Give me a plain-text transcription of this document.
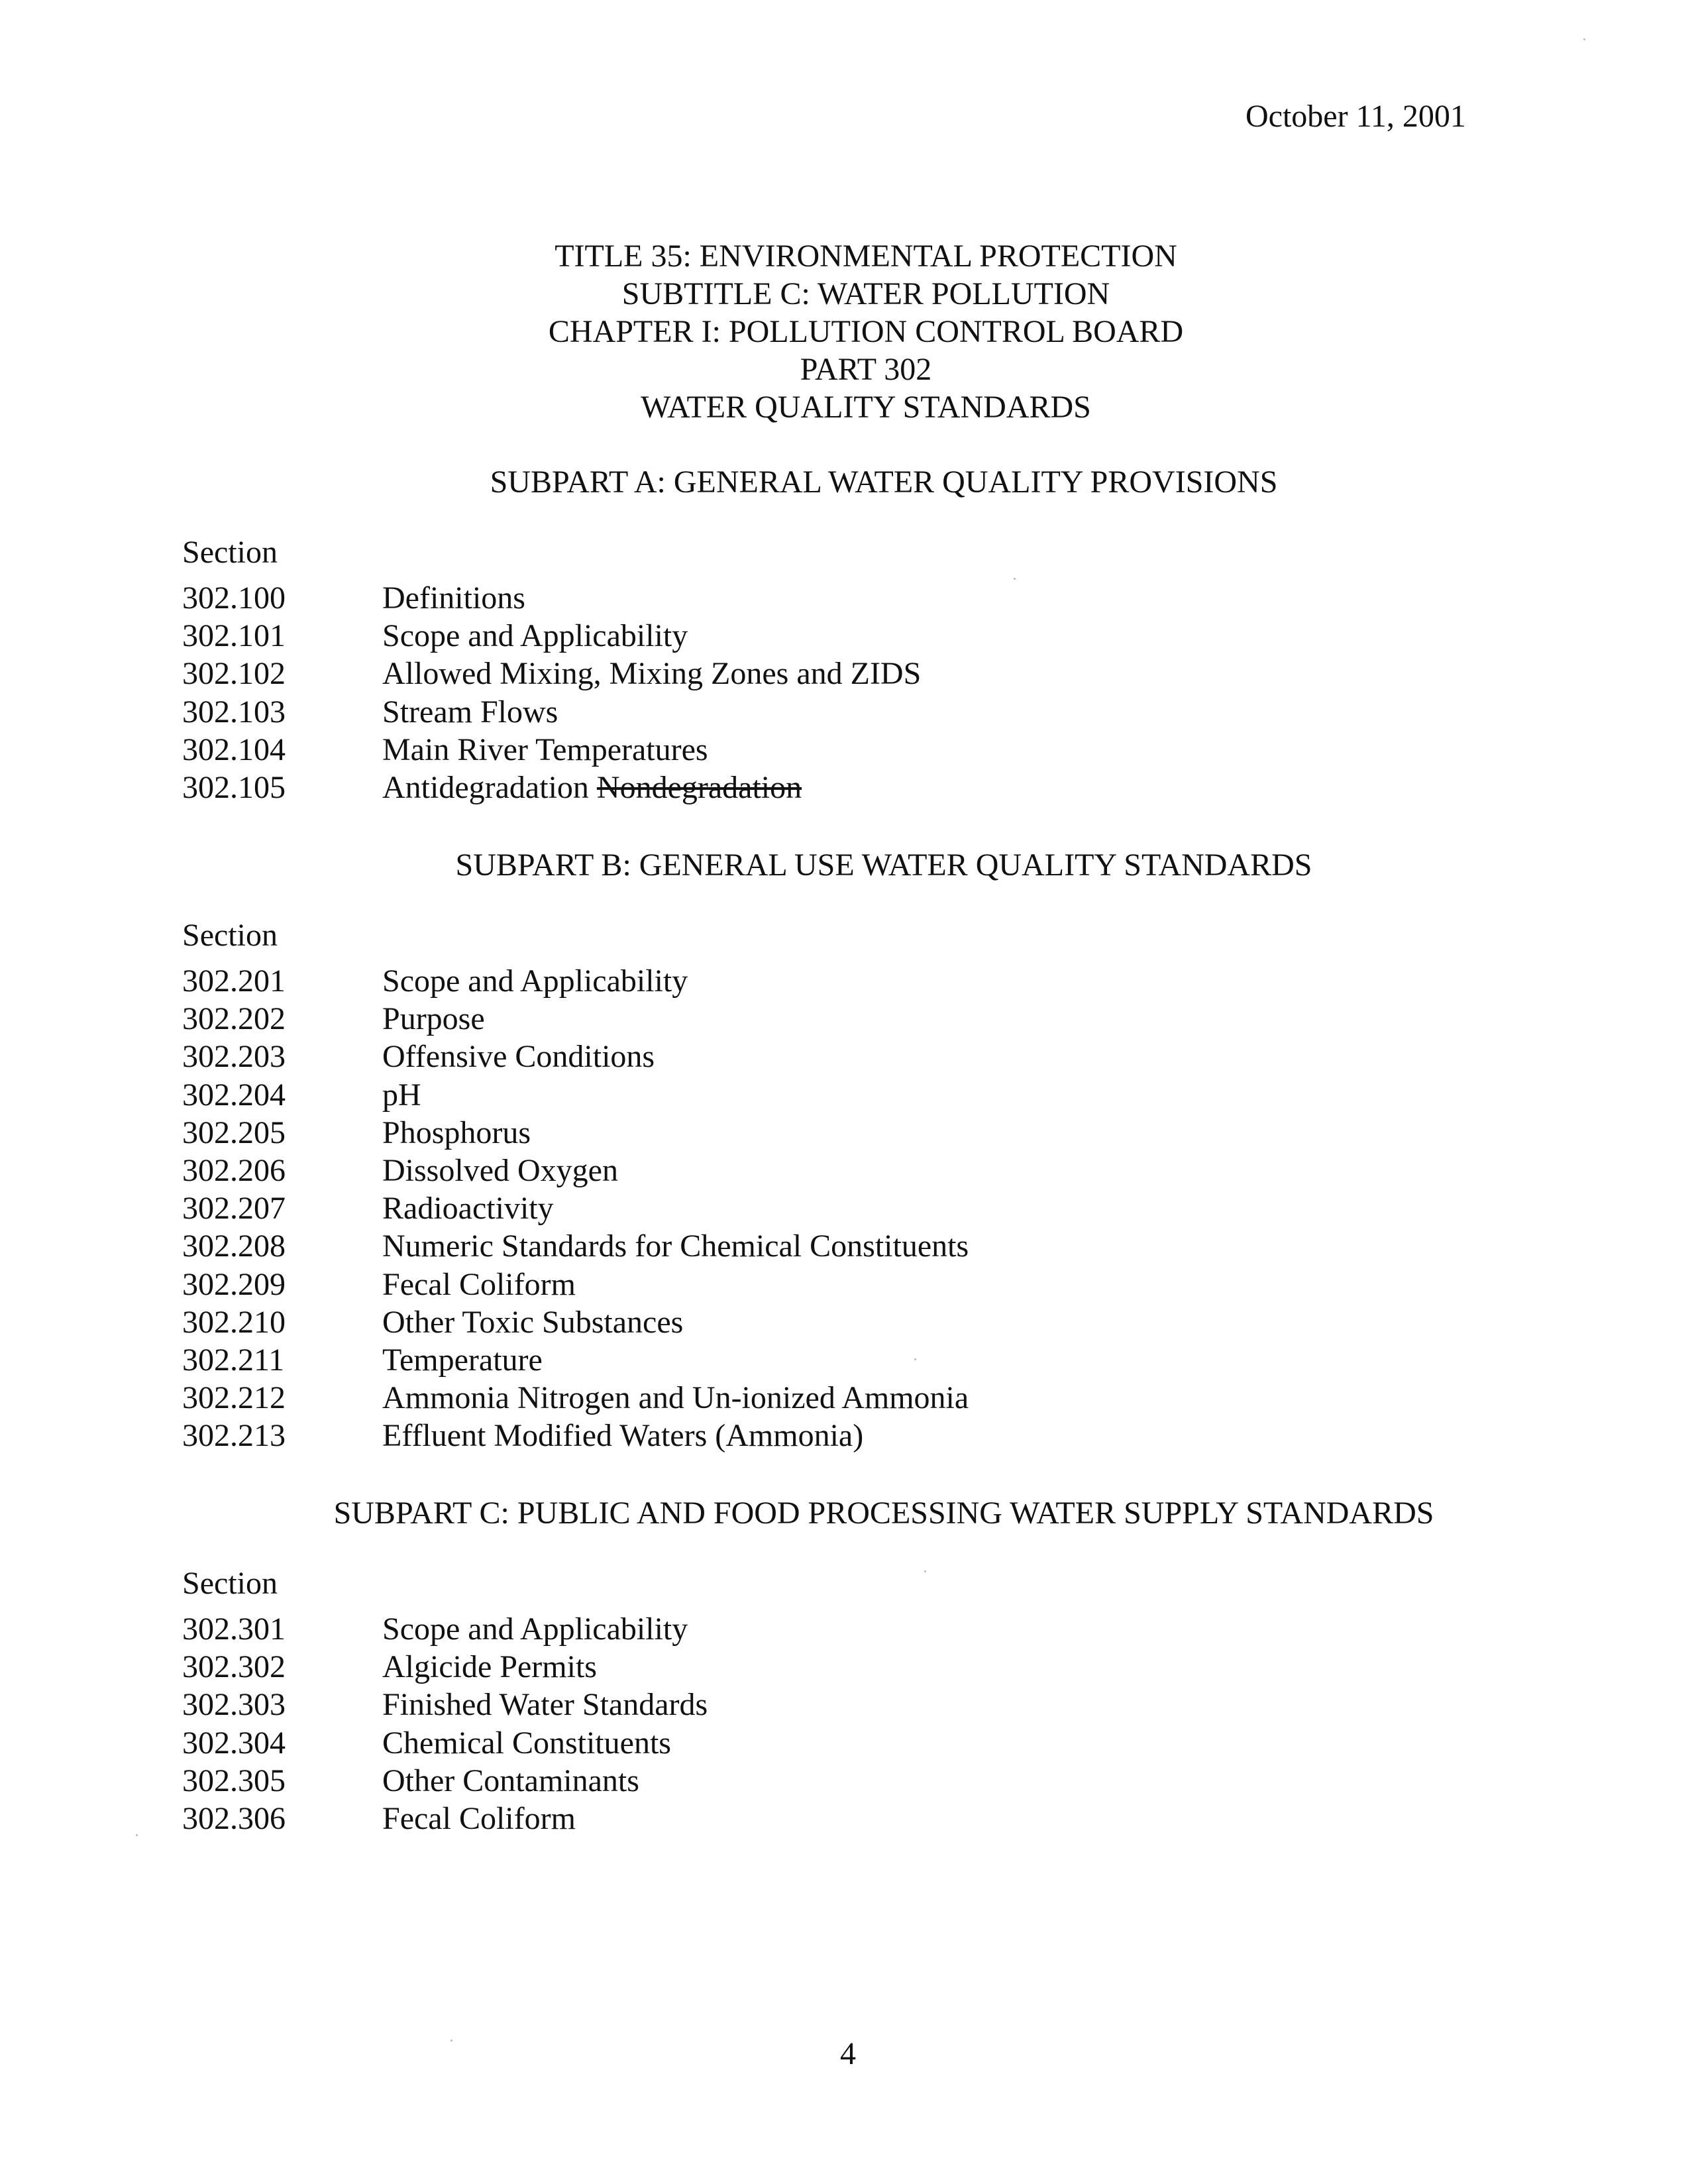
October 11, 2001
TITLE 35: ENVIRONMENTAL PROTECTION
SUBTITLE C: WATER POLLUTION
CHAPTER I: POLLUTION CONTROL BOARD
PART 302
WATER QUALITY STANDARDS
SUBPART A: GENERAL WATER QUALITY PROVISIONS
Section
302.100	Definitions
302.101	Scope and Applicability
302.102	Allowed Mixing, Mixing Zones and ZIDS
302.103	Stream Flows
302.104	Main River Temperatures
302.105	Antidegradation Nondegradation
SUBPART B: GENERAL USE WATER QUALITY STANDARDS
Section
302.201	Scope and Applicability
302.202	Purpose
302.203	Offensive Conditions
302.204	pH
302.205	Phosphorus
302.206	Dissolved Oxygen
302.207	Radioactivity
302.208	Numeric Standards for Chemical Constituents
302.209	Fecal Coliform
302.210	Other Toxic Substances
302.211	Temperature
302.212	Ammonia Nitrogen and Un-ionized Ammonia
302.213	Effluent Modified Waters (Ammonia)
SUBPART C: PUBLIC AND FOOD PROCESSING WATER SUPPLY STANDARDS
Section
302.301	Scope and Applicability
302.302	Algicide Permits
302.303	Finished Water Standards
302.304	Chemical Constituents
302.305	Other Contaminants
302.306	Fecal Coliform
4
